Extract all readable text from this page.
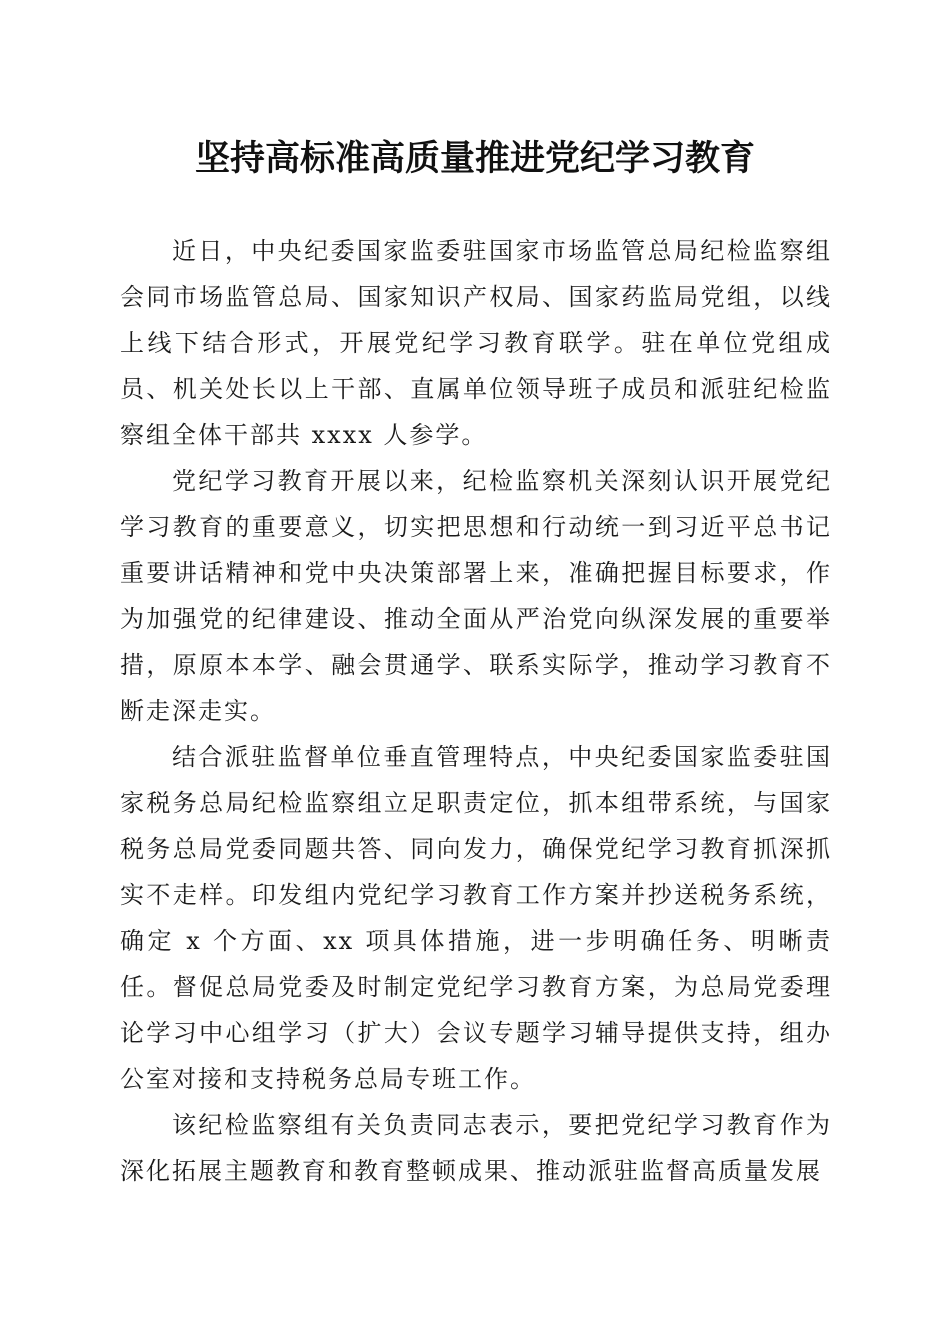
坚持高标准高质量推进党纪学习教育

近日，中央纪委国家监委驻国家市场监管总局纪检监察组会同市场监管总局、国家知识产权局、国家药监局党组，以线上线下结合形式，开展党纪学习教育联学。驻在单位党组成员、机关处长以上干部、直属单位领导班子成员和派驻纪检监察组全体干部共 xxxx 人参学。

党纪学习教育开展以来，纪检监察机关深刻认识开展党纪学习教育的重要意义，切实把思想和行动统一到习近平总书记重要讲话精神和党中央决策部署上来，准确把握目标要求，作为加强党的纪律建设、推动全面从严治党向纵深发展的重要举措，原原本本学、融会贯通学、联系实际学，推动学习教育不断走深走实。

结合派驻监督单位垂直管理特点，中央纪委国家监委驻国家税务总局纪检监察组立足职责定位，抓本组带系统，与国家税务总局党委同题共答、同向发力，确保党纪学习教育抓深抓实不走样。印发组内党纪学习教育工作方案并抄送税务系统，确定 x 个方面、xx 项具体措施，进一步明确任务、明晰责任。督促总局党委及时制定党纪学习教育方案，为总局党委理论学习中心组学习（扩大）会议专题学习辅导提供支持，组办公室对接和支持税务总局专班工作。

该纪检监察组有关负责同志表示，要把党纪学习教育作为深化拓展主题教育和教育整顿成果、推动派驻监督高质量发展
